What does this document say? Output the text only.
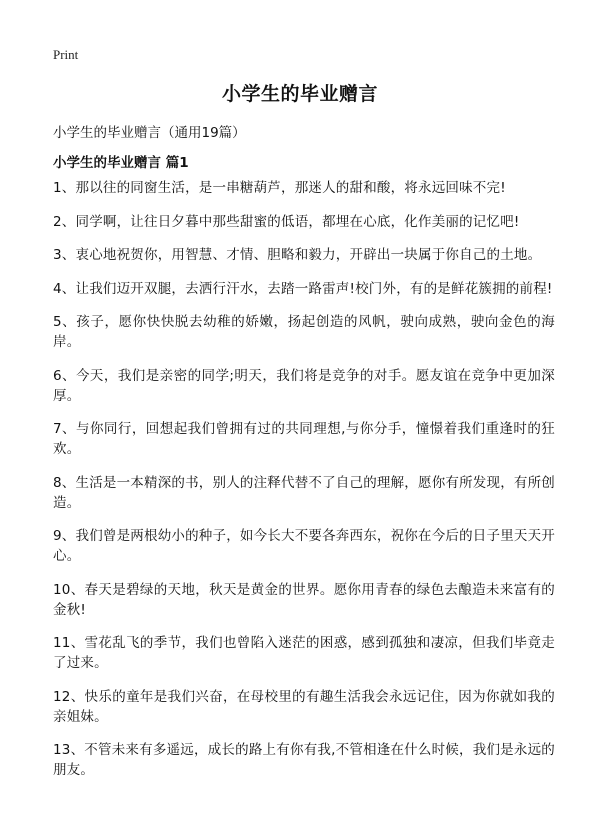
Print
小学生的毕业赠言
小学生的毕业赠言（通用19篇）
小学生的毕业赠言 篇1
1、那以往的同窗生活，是一串糖葫芦，那迷人的甜和酸，将永远回味不完!
2、同学啊，让往日夕暮中那些甜蜜的低语，都埋在心底，化作美丽的记忆吧!
3、衷心地祝贺你，用智慧、才情、胆略和毅力，开辟出一块属于你自己的土地。
4、让我们迈开双腿，去洒行汗水，去踏一路雷声!校门外，有的是鲜花簇拥的前程!
5、孩子，愿你快快脱去幼稚的娇嫩，扬起创造的风帆，驶向成熟，驶向金色的海岸。
6、今天，我们是亲密的同学;明天，我们将是竞争的对手。愿友谊在竞争中更加深厚。
7、与你同行，回想起我们曾拥有过的共同理想,与你分手，憧憬着我们重逢时的狂欢。
8、生活是一本精深的书，别人的注释代替不了自己的理解，愿你有所发现，有所创造。
9、我们曾是两根幼小的种子，如今长大不要各奔西东，祝你在今后的日子里天天开心。
10、春天是碧绿的天地，秋天是黄金的世界。愿你用青春的绿色去酿造未来富有的金秋!
11、雪花乱飞的季节，我们也曾陷入迷茫的困惑，感到孤独和凄凉，但我们毕竟走了过来。
12、快乐的童年是我们兴奋，在母校里的有趣生活我会永远记住，因为你就如我的亲姐妹。
13、不管未来有多遥远，成长的路上有你有我,不管相逢在什么时候，我们是永远的朋友。
